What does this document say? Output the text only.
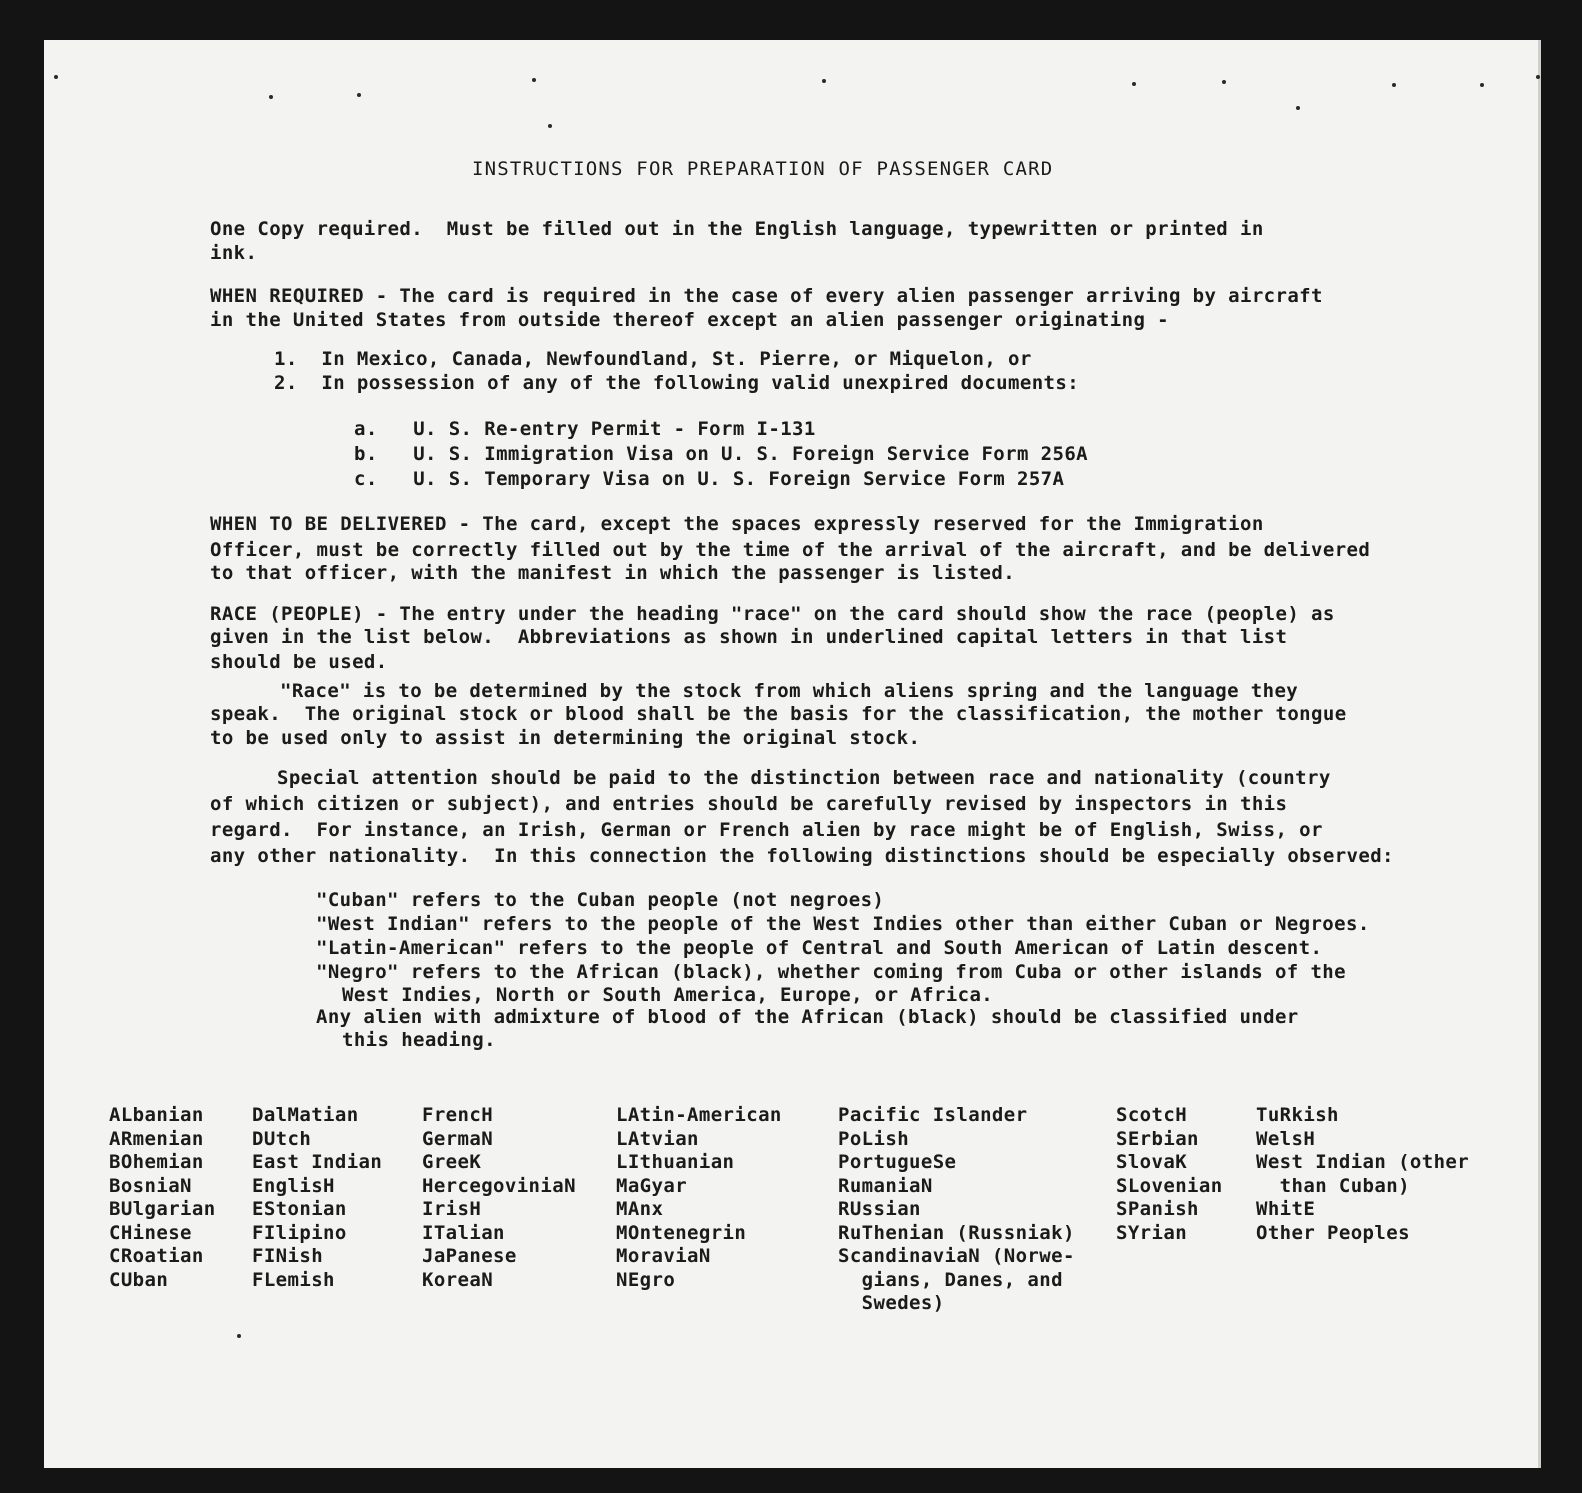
INSTRUCTIONS FOR PREPARATION OF PASSENGER CARD
One Copy required.  Must be filled out in the English language, typewritten or printed in
ink.
WHEN REQUIRED - The card is required in the case of every alien passenger arriving by aircraft
in the United States from outside thereof except an alien passenger originating -
1.  In Mexico, Canada, Newfoundland, St. Pierre, or Miquelon, or
2.  In possession of any of the following valid unexpired documents:
a.   U. S. Re-entry Permit - Form I-131
b.   U. S. Immigration Visa on U. S. Foreign Service Form 256A
c.   U. S. Temporary Visa on U. S. Foreign Service Form 257A
WHEN TO BE DELIVERED - The card, except the spaces expressly reserved for the Immigration
Officer, must be correctly filled out by the time of the arrival of the aircraft, and be delivered
to that officer, with the manifest in which the passenger is listed.
RACE (PEOPLE) - The entry under the heading "race" on the card should show the race (people) as
given in the list below.  Abbreviations as shown in underlined capital letters in that list
should be used.
"Race" is to be determined by the stock from which aliens spring and the language they
speak.  The original stock or blood shall be the basis for the classification, the mother tongue
to be used only to assist in determining the original stock.
Special attention should be paid to the distinction between race and nationality (country
of which citizen or subject), and entries should be carefully revised by inspectors in this
regard.  For instance, an Irish, German or French alien by race might be of English, Swiss, or
any other nationality.  In this connection the following distinctions should be especially observed:
"Cuban" refers to the Cuban people (not negroes)
"West Indian" refers to the people of the West Indies other than either Cuban or Negroes.
"Latin-American" refers to the people of Central and South American of Latin descent.
"Negro" refers to the African (black), whether coming from Cuba or other islands of the
West Indies, North or South America, Europe, or Africa.
Any alien with admixture of blood of the African (black) should be classified under
this heading.
ALbanian
ARmenian
BOhemian
BosniaN
BUlgarian
CHinese
CRoatian
CUban
DalMatian
DUtch
East Indian
EnglisH
EStonian
FIlipino
FINish
FLemish
FrencH
GermaN
GreeK
HercegoviniaN
IrisH
ITalian
JaPanese
KoreaN
LAtin-American
LAtvian
LIthuanian
MaGyar
MAnx
MOntenegrin
MoraviaN
NEgro
Pacific Islander
PoLish
PortugueSe
RumaniaN
RUssian
RuThenian (Russniak)
ScandinaviaN (Norwe-
gians, Danes, and
Swedes)
ScotcH
SErbian
SlovaK
SLovenian
SPanish
SYrian
TuRkish
WelsH
West Indian (other
than Cuban)
WhitE
Other Peoples
